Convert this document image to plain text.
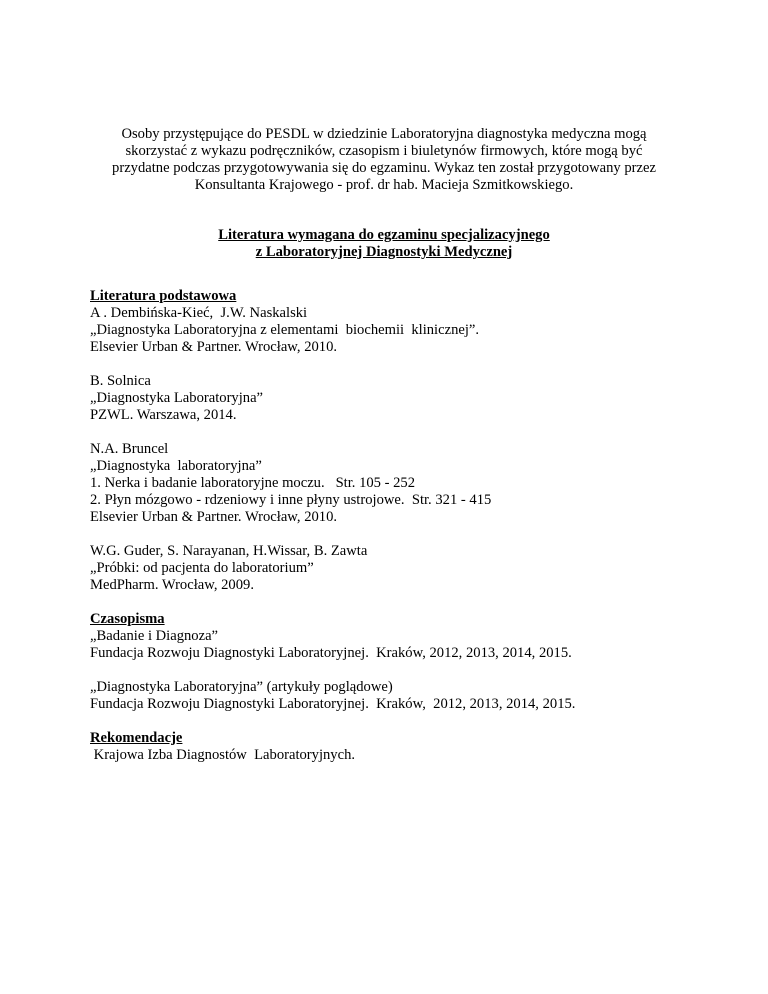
Osoby przystępujące do PESDL w dziedzinie Laboratoryjna diagnostyka medyczna mogą
skorzystać z wykazu podręczników, czasopism i biuletynów firmowych, które mogą być
przydatne podczas przygotowywania się do egzaminu. Wykaz ten został przygotowany przez
Konsultanta Krajowego - prof. dr hab. Macieja Szmitkowskiego.
Literatura wymagana do egzaminu specjalizacyjnego
z Laboratoryjnej Diagnostyki Medycznej
Literatura podstawowa
A . Dembińska-Kieć,  J.W. Naskalski
„Diagnostyka Laboratoryjna z elementami  biochemii  klinicznej”.
Elsevier Urban & Partner. Wrocław, 2010.
B. Solnica
„Diagnostyka Laboratoryjna”
PZWL. Warszawa, 2014.
N.A. Bruncel
„Diagnostyka  laboratoryjna”
1. Nerka i badanie laboratoryjne moczu.   Str. 105 - 252
2. Płyn mózgowo - rdzeniowy i inne płyny ustrojowe.  Str. 321 - 415
Elsevier Urban & Partner. Wrocław, 2010.
W.G. Guder, S. Narayanan, H.Wissar, B. Zawta
„Próbki: od pacjenta do laboratorium”
MedPharm. Wrocław, 2009.
Czasopisma
„Badanie i Diagnoza”
Fundacja Rozwoju Diagnostyki Laboratoryjnej.  Kraków, 2012, 2013, 2014, 2015.
„Diagnostyka Laboratoryjna” (artykuły poglądowe)
Fundacja Rozwoju Diagnostyki Laboratoryjnej.  Kraków,  2012, 2013, 2014, 2015.
Rekomendacje
Krajowa Izba Diagnostów  Laboratoryjnych.
